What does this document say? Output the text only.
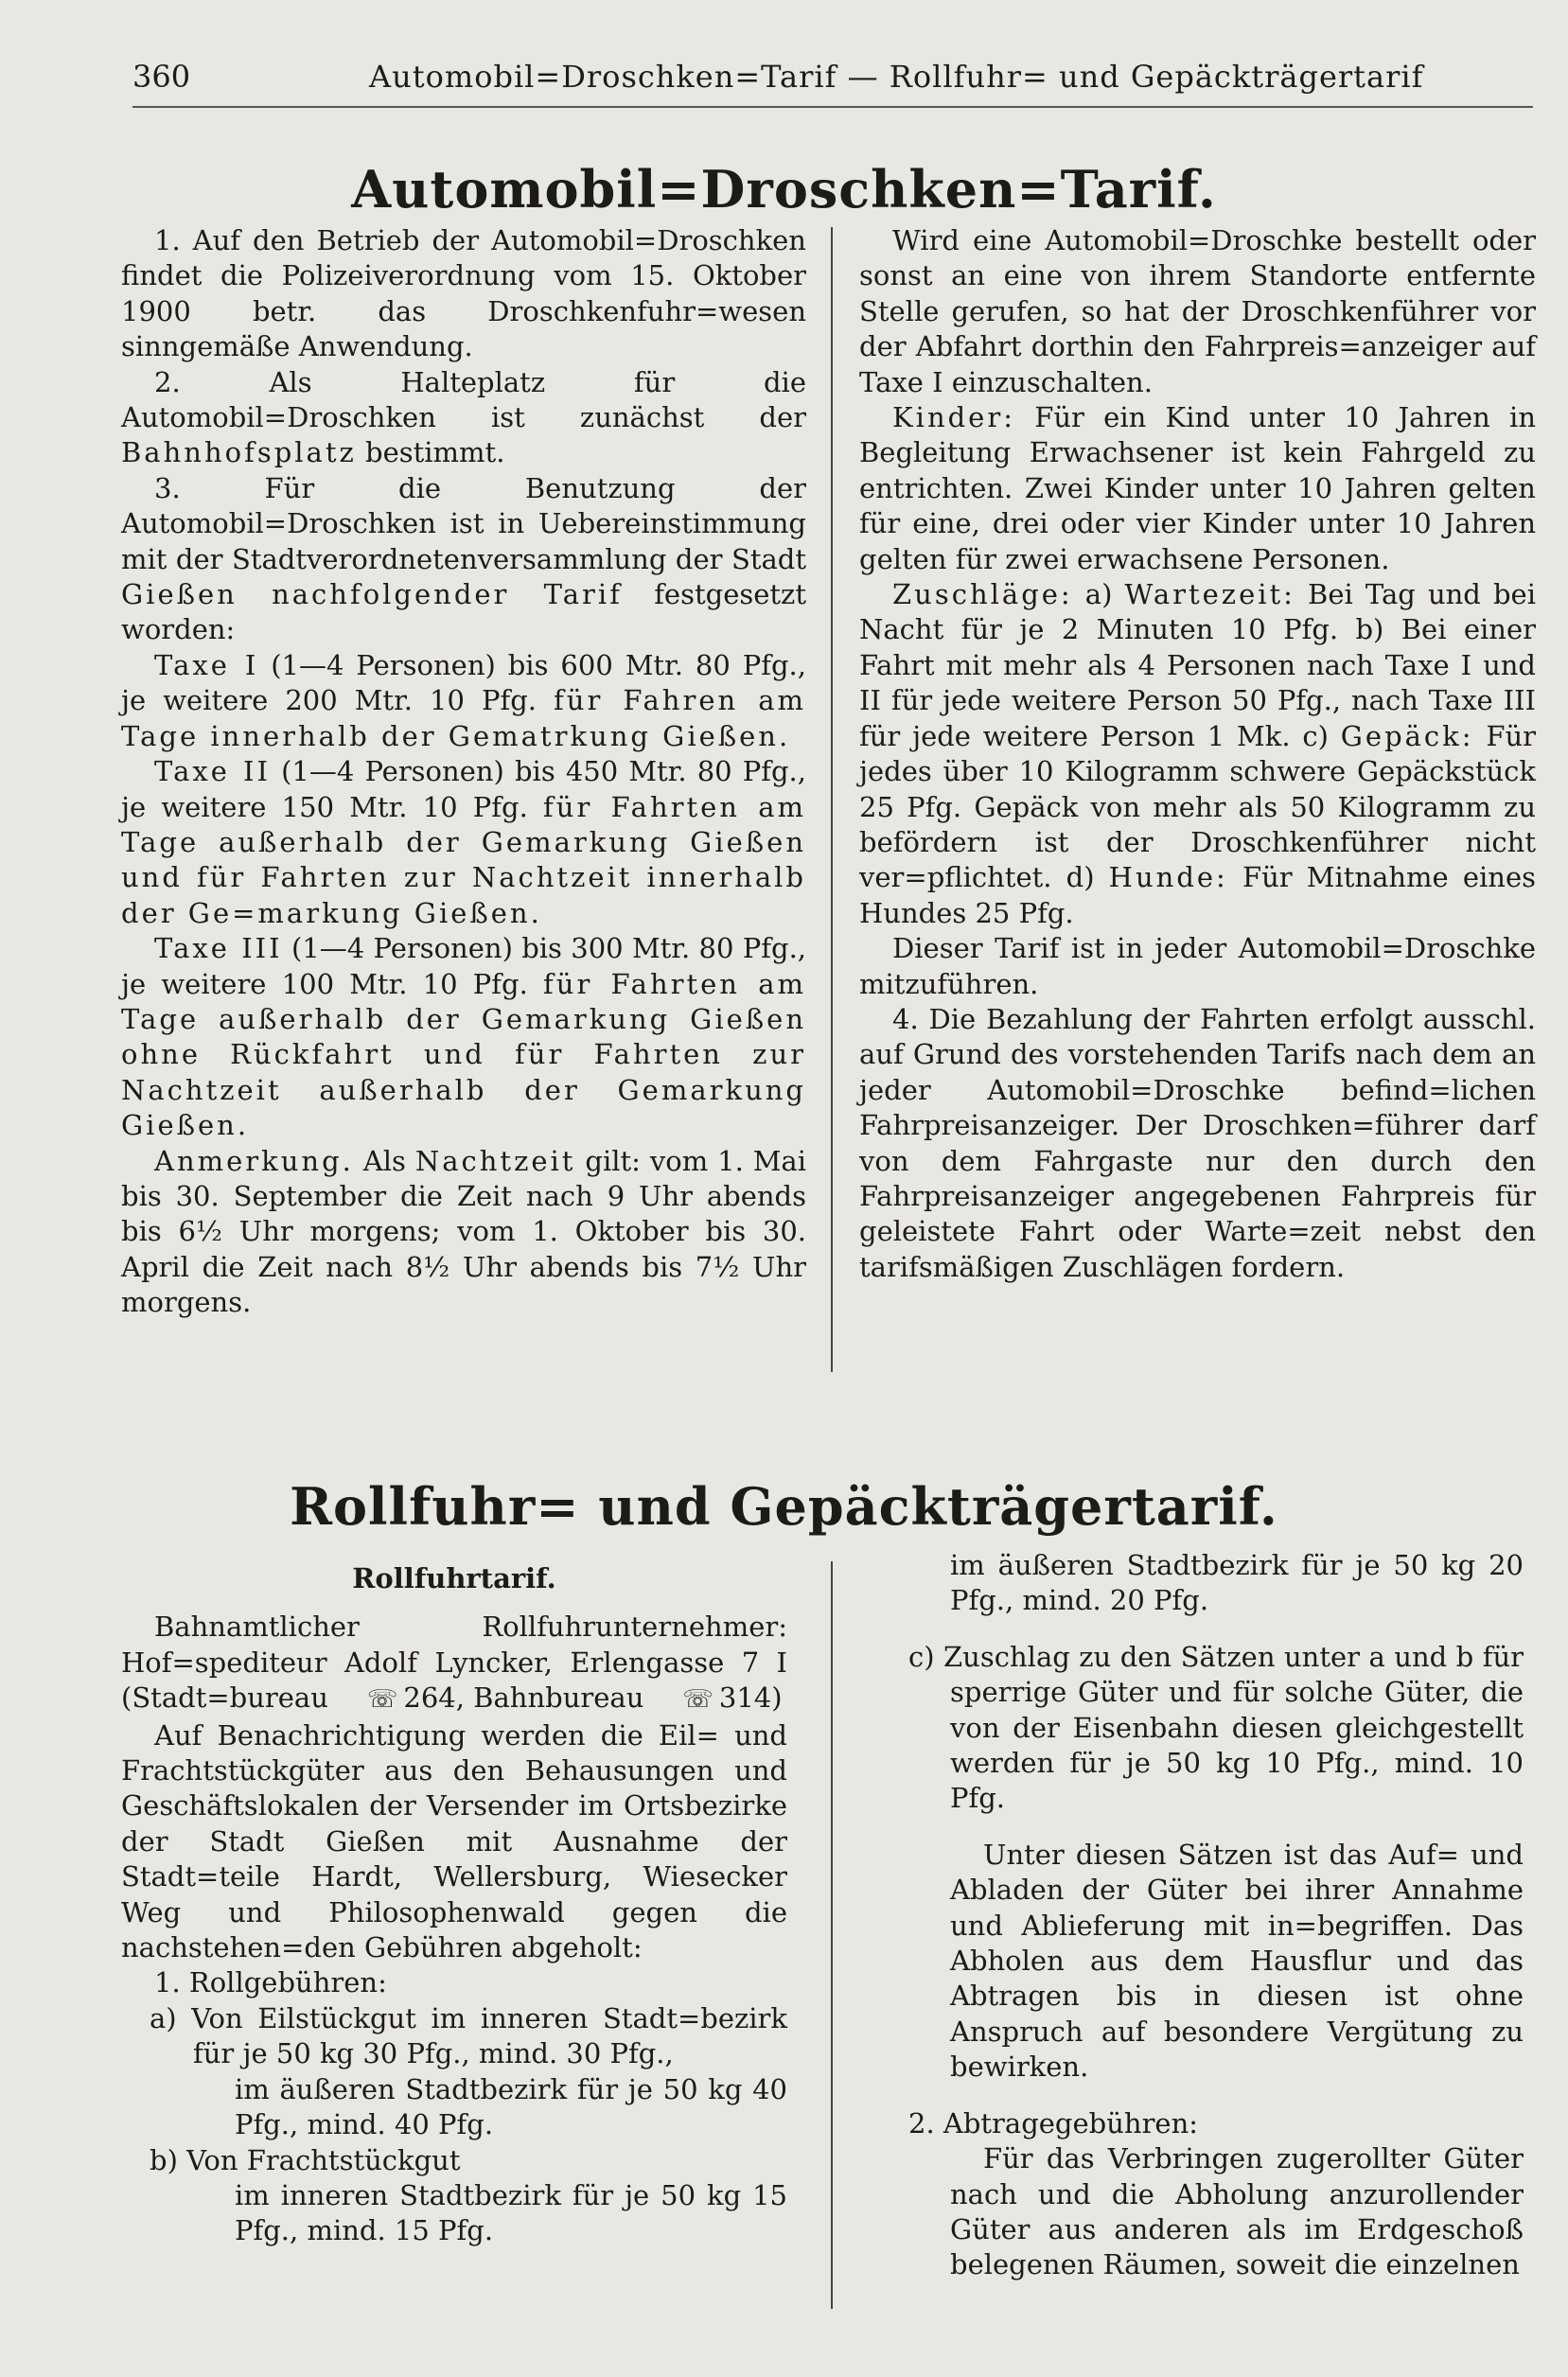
360	Automobil=Droschken=Tarif — Rollfuhr= und Gepäckträgertarif
Automobil=Droschken=Tarif.

1. Auf den Betrieb der Automobil=Droschken findet die Polizeiverordnung vom 15. Oktober 1900 betr. das Droschkenfuhr=wesen sinngemäße Anwendung.

2. Als Halteplatz für die Automobil=Droschken ist zunächst der Bahnhofsplatz bestimmt.

3. Für die Benutzung der Automobil=Droschken ist in Uebereinstimmung mit der Stadtverordnetenversammlung der Stadt Gießen nachfolgender Tarif festgesetzt worden:

Taxe I (1—4 Personen) bis 600 Mtr. 80 Pfg., je weitere 200 Mtr. 10 Pfg. für Fahren am Tage innerhalb der Gematrkung Gießen.

Taxe II (1—4 Personen) bis 450 Mtr. 80 Pfg., je weitere 150 Mtr. 10 Pfg. für Fahrten am Tage außerhalb der Gemarkung Gießen und für Fahrten zur Nachtzeit innerhalb der Ge=markung Gießen.

Taxe III (1—4 Personen) bis 300 Mtr. 80 Pfg., je weitere 100 Mtr. 10 Pfg. für Fahrten am Tage außerhalb der Gemarkung Gießen ohne Rückfahrt und für Fahrten zur Nachtzeit außerhalb der Gemarkung Gießen.

Anmerkung. Als Nachtzeit gilt: vom 1. Mai bis 30. September die Zeit nach 9 Uhr abends bis 6½ Uhr morgens; vom 1. Oktober bis 30. April die Zeit nach 8½ Uhr abends bis 7½ Uhr morgens.

Wird eine Automobil=Droschke bestellt oder sonst an eine von ihrem Standorte entfernte Stelle gerufen, so hat der Droschkenführer vor der Abfahrt dorthin den Fahrpreis=anzeiger auf Taxe I einzuschalten.

Kinder: Für ein Kind unter 10 Jahren in Begleitung Erwachsener ist kein Fahrgeld zu entrichten. Zwei Kinder unter 10 Jahren gelten für eine, drei oder vier Kinder unter 10 Jahren gelten für zwei erwachsene Personen.

Zuschläge: a) Wartezeit: Bei Tag und bei Nacht für je 2 Minuten 10 Pfg. b) Bei einer Fahrt mit mehr als 4 Personen nach Taxe I und II für jede weitere Person 50 Pfg., nach Taxe III für jede weitere Person 1 Mk. c) Gepäck: Für jedes über 10 Kilogramm schwere Gepäckstück 25 Pfg. Gepäck von mehr als 50 Kilogramm zu befördern ist der Droschkenführer nicht ver=pflichtet. d) Hunde: Für Mitnahme eines Hundes 25 Pfg.

Dieser Tarif ist in jeder Automobil=Droschke mitzuführen.

4. Die Bezahlung der Fahrten erfolgt ausschl. auf Grund des vorstehenden Tarifs nach dem an jeder Automobil=Droschke befind=lichen Fahrpreisanzeiger. Der Droschken=führer darf von dem Fahrgaste nur den durch den Fahrpreisanzeiger angegebenen Fahrpreis für geleistete Fahrt oder Warte=zeit nebst den tarifsmäßigen Zuschlägen fordern.

Rollfuhr= und Gepäckträgertarif.

Rollfuhrtarif.

Bahnamtlicher Rollfuhrunternehmer: Hof=spediteur Adolf Lyncker, Erlengasse 7 I (Stadt=bureau ☏ 264, Bahnbureau ☏ 314)

Auf Benachrichtigung werden die Eil= und Frachtstückgüter aus den Behausungen und Geschäftslokalen der Versender im Ortsbezirke der Stadt Gießen mit Ausnahme der Stadt=teile Hardt, Wellersburg, Wiesecker Weg und Philosophenwald gegen die nachstehen=den Gebühren abgeholt:

1. Rollgebühren:

a) Von Eilstückgut im inneren Stadt=bezirk für je 50 kg 30 Pfg., mind. 30 Pfg.,

im äußeren Stadtbezirk für je 50 kg 40 Pfg., mind. 40 Pfg.

b) Von Frachtstückgut

im inneren Stadtbezirk für je 50 kg 15 Pfg., mind. 15 Pfg.

im äußeren Stadtbezirk für je 50 kg 20 Pfg., mind. 20 Pfg.

c) Zuschlag zu den Sätzen unter a und b für sperrige Güter und für solche Güter, die von der Eisenbahn diesen gleichgestellt werden für je 50 kg 10 Pfg., mind. 10 Pfg.

Unter diesen Sätzen ist das Auf= und Abladen der Güter bei ihrer Annahme und Ablieferung mit in=begriffen. Das Abholen aus dem Hausflur und das Abtragen bis in diesen ist ohne Anspruch auf besondere Vergütung zu bewirken.

2. Abtragegebühren:

Für das Verbringen zugerollter Güter nach und die Abholung anzurollender Güter aus anderen als im Erdgeschoß belegenen Räumen, soweit die einzelnen
